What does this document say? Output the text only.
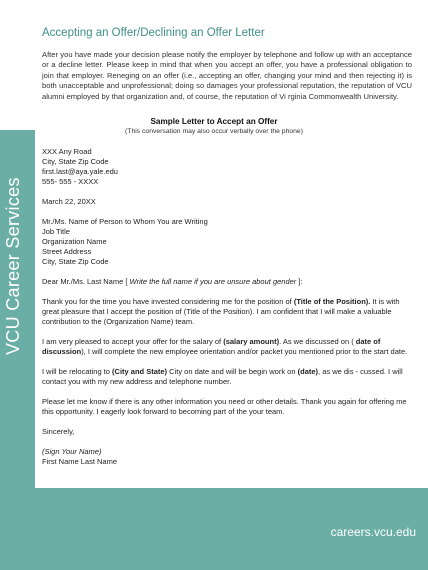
Accepting an Offer/Declining an Offer Letter
After you have made your decision please notify the employer by telephone and follow up with an acceptance or a decline letter. Please keep in mind that when you accept an offer, you have a professional obligation to join that employer. Reneging on an offer (i.e., accepting an offer, changing your mind and then rejecting it) is both unacceptable and unprofessional; doing so damages your professional reputation, the reputation of VCU alumni employed by that organization and, of course, the reputation of Vi rginia Commonwealth University.
Sample Letter to Accept an Offer
(This conversation may also occur verbally over the phone)
VCU Career Services
careers.vcu.edu

XXX Any Road

City, State Zip Code

first.last@aya.yale.edu

555- 555 - XXXX

March 22, 20XX

Mr./Ms. Name of Person to Whom You are Writing

Job Title

Organization Name

Street Address

City, State Zip Code

Dear Mr./Ms. Last Name [ Write the full name if you are unsure about gender ]:

Thank you for the time you have invested considering me for the position of (Title of the Position). It is with great pleasure that I accept the position of (Title of the Position). I am confident that I will make a valuable contribution to the (Organization Name) team.

I am very pleased to accept your offer for the salary of (salary amount). As we discussed on ( date of discussion), I will complete the new employee orientation and/or packet you mentioned prior to the start date.

I will be relocating to (City and State) City on date and will be begin work on (date), as we dis - cussed. I will contact you with my new address and telephone number.

Please let me know if there is any other information you need or other details. Thank you again for offering me this opportunity. I eagerly look forward to becoming part of the your team.

Sincerely,

(Sign Your Name)

First Name Last Name
